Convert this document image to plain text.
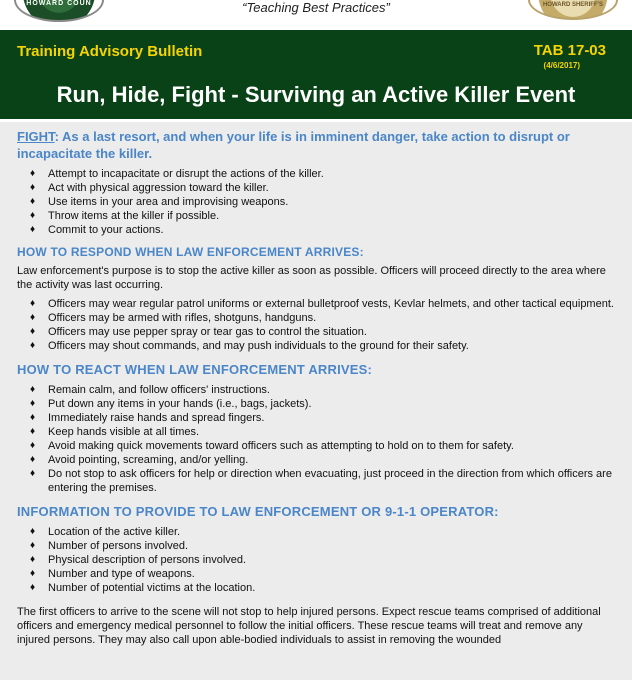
HOWARD COUN	“Teaching Best Practices”	HOWARD SHERIFF'S
Training Advisory Bulletin	TAB 17-03
(4/6/2017)
Run, Hide, Fight - Surviving an Active Killer Event

FIGHT: As a last resort, and when your life is in imminent danger, take action to disrupt or incapacitate the killer.

♦ Attempt to incapacitate or disrupt the actions of the killer.
♦ Act with physical aggression toward the killer.
♦ Use items in your area and improvising weapons.
♦ Throw items at the killer if possible.
♦ Commit to your actions.
HOW TO RESPOND WHEN LAW ENFORCEMENT ARRIVES:

Law enforcement's purpose is to stop the active killer as soon as possible. Officers will proceed directly to the area where the activity was last occurring.

♦ Officers may wear regular patrol uniforms or external bulletproof vests, Kevlar helmets, and other tactical equipment.
♦ Officers may be armed with rifles, shotguns, handguns.
♦ Officers may use pepper spray or tear gas to control the situation.
♦ Officers may shout commands, and may push individuals to the ground for their safety.
HOW TO REACT WHEN LAW ENFORCEMENT ARRIVES:
♦ Remain calm, and follow officers' instructions.
♦ Put down any items in your hands (i.e., bags, jackets).
♦ Immediately raise hands and spread fingers.
♦ Keep hands visible at all times.
♦ Avoid making quick movements toward officers such as attempting to hold on to them for safety.
♦ Avoid pointing, screaming, and/or yelling.
♦ Do not stop to ask officers for help or direction when evacuating, just proceed in the direction from which officers are entering the premises.
INFORMATION TO PROVIDE TO LAW ENFORCEMENT OR 9-1-1 OPERATOR:
♦ Location of the active killer.
♦ Number of persons involved.
♦ Physical description of persons involved.
♦ Number and type of weapons.
♦ Number of potential victims at the location.

The first officers to arrive to the scene will not stop to help injured persons. Expect rescue teams comprised of additional officers and emergency medical personnel to follow the initial officers. These rescue teams will treat and remove any injured persons. They may also call upon able-bodied individuals to assist in removing the wounded
